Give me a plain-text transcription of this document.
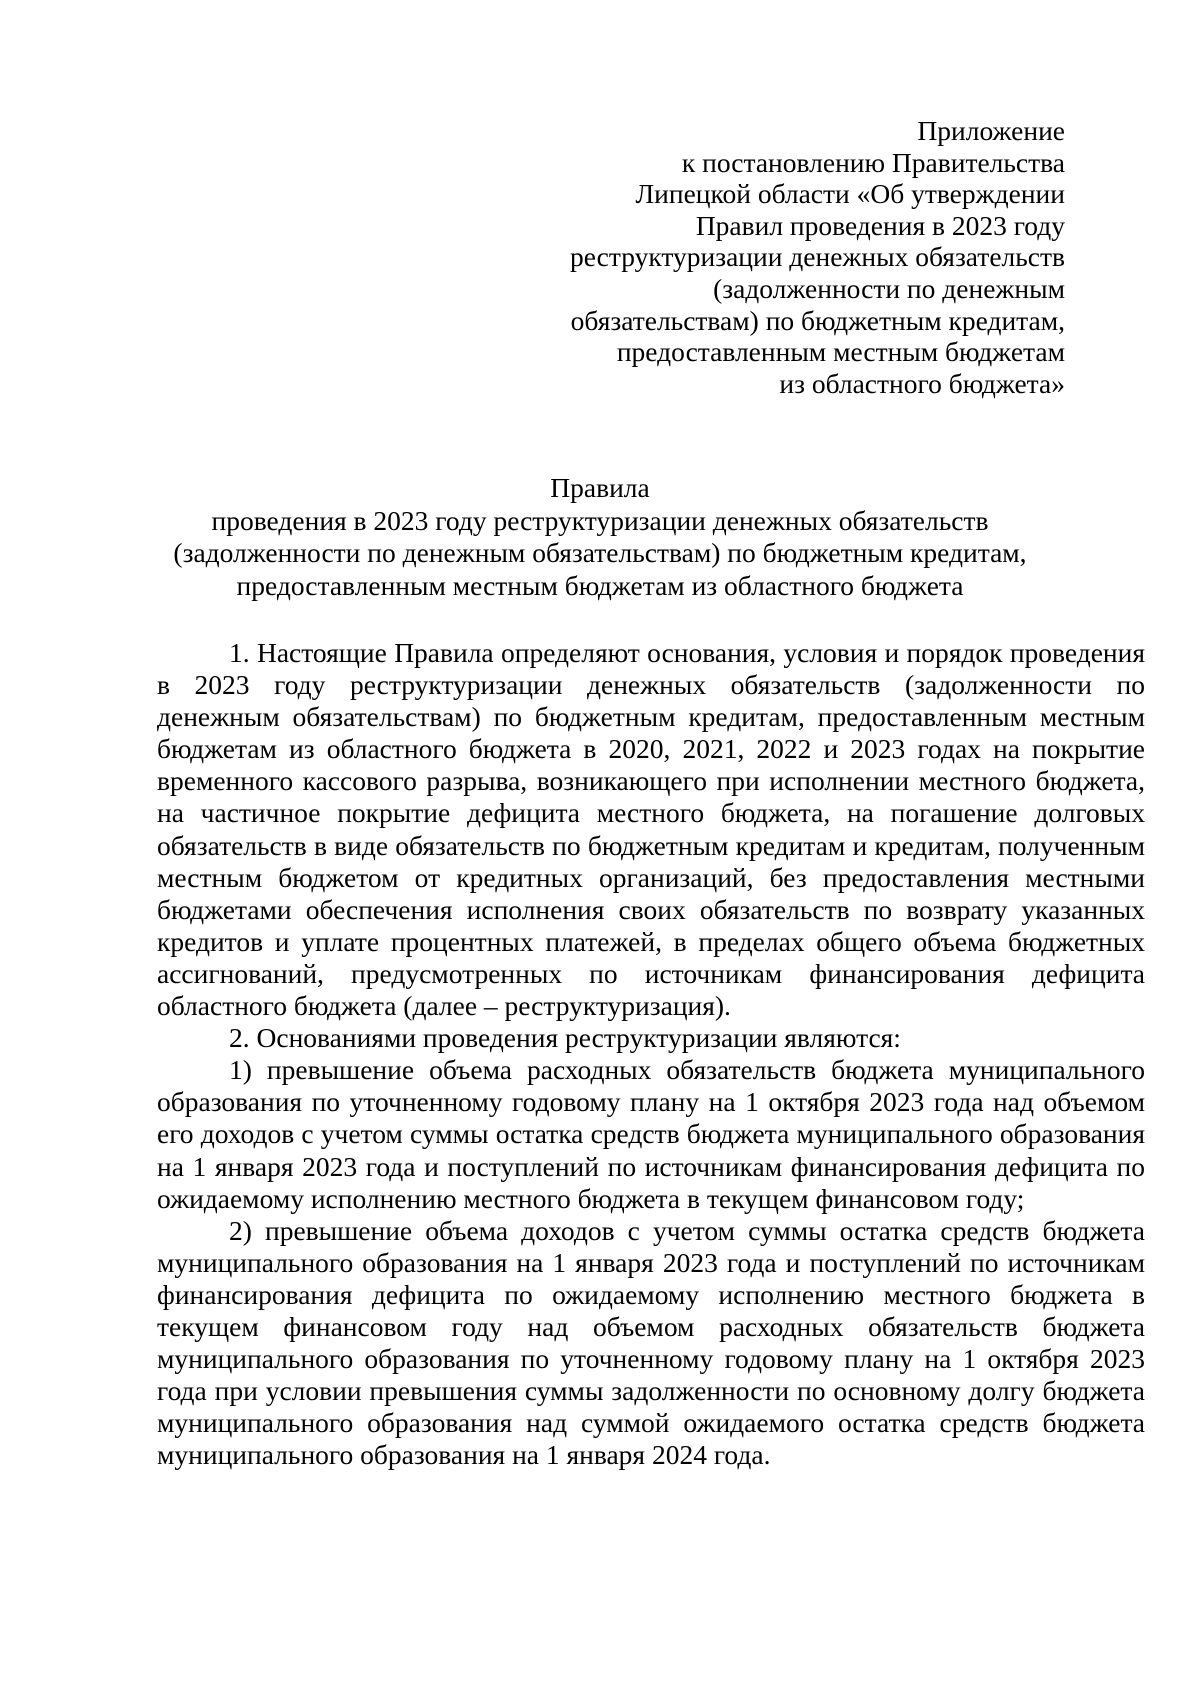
Приложение
к постановлению Правительства
Липецкой области «Об утверждении
Правил проведения в 2023 году
реструктуризации денежных обязательств
(задолженности по денежным
обязательствам) по бюджетным кредитам,
предоставленным местным бюджетам
из областного бюджета»
Правила
проведения в 2023 году реструктуризации денежных обязательств
(задолженности по денежным обязательствам) по бюджетным кредитам,
предоставленным местным бюджетам из областного бюджета

1. Настоящие Правила определяют основания, условия и порядок проведения в 2023 году реструктуризации денежных обязательств (задолженности по денежным обязательствам) по бюджетным кредитам, предоставленным местным бюджетам из областного бюджета в 2020, 2021, 2022 и 2023 годах на покрытие временного кассового разрыва, возникающего при исполнении местного бюджета, на частичное покрытие дефицита местного бюджета, на погашение долговых обязательств в виде обязательств по бюджетным кредитам и кредитам, полученным местным бюджетом от кредитных организаций, без предоставления местными бюджетами обеспечения исполнения своих обязательств по возврату указанных кредитов и уплате процентных платежей, в пределах общего объема бюджетных ассигнований, предусмотренных по источникам финансирования дефицита областного бюджета (далее – реструктуризация).

2. Основаниями проведения реструктуризации являются:

1) превышение объема расходных обязательств бюджета муниципального образования по уточненному годовому плану на 1 октября 2023 года над объемом его доходов с учетом суммы остатка средств бюджета муниципального образования на 1 января 2023 года и поступлений по источникам финансирования дефицита по ожидаемому исполнению местного бюджета в текущем финансовом году;

2) превышение объема доходов с учетом суммы остатка средств бюджета муниципального образования на 1 января 2023 года и поступлений по источникам финансирования дефицита по ожидаемому исполнению местного бюджета в текущем финансовом году над объемом расходных обязательств бюджета муниципального образования по уточненному годовому плану на 1 октября 2023 года при условии превышения суммы задолженности по основному долгу бюджета муниципального образования над суммой ожидаемого остатка средств бюджета муниципального образования на 1 января 2024 года.
